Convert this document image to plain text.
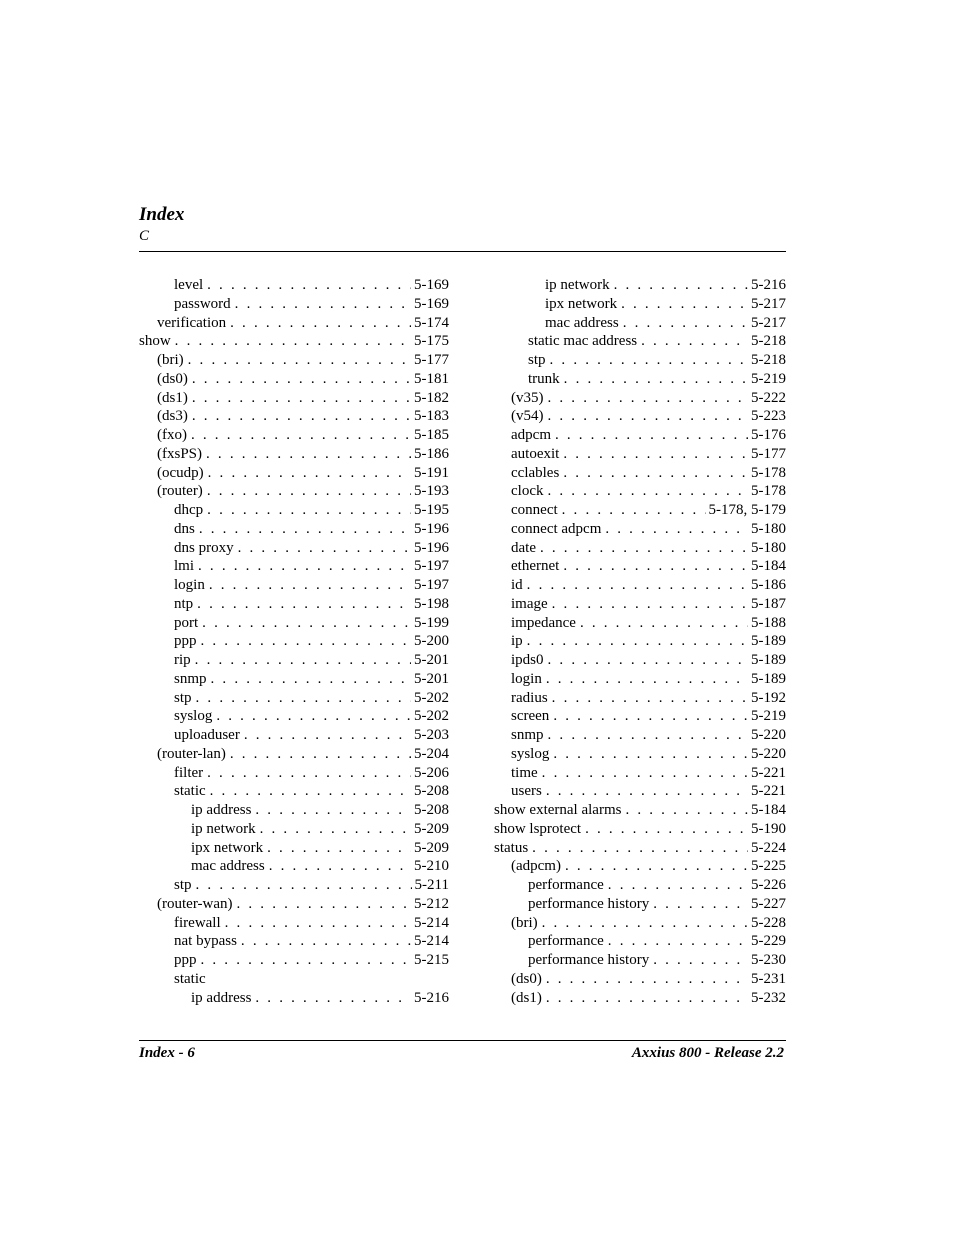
Index
C
level . . .	5-169
password . . .	5-169
verification . . .	5-174
show . . .	5-175
(bri) . . .	5-177
(ds0) . . .	5-181
(ds1) . . .	5-182
(ds3) . . .	5-183
(fxo) . . .	5-185
(fxsPS) . . .	5-186
(ocudp) . . .	5-191
(router) . . .	5-193
dhcp . . .	5-195
dns . . .	5-196
dns proxy . . .	5-196
lmi . . .	5-197
login . . .	5-197
ntp . . .	5-198
port . . .	5-199
ppp . . .	5-200
rip . . .	5-201
snmp . . .	5-201
stp . . .	5-202
syslog . . .	5-202
uploaduser . . .	5-203
(router-lan) . . .	5-204
filter . . .	5-206
static . . .	5-208
ip address . . .	5-208
ip network . . .	5-209
ipx network . . .	5-209
mac address . . .	5-210
stp . . .	5-211
(router-wan) . . .	5-212
firewall . . .	5-214
nat bypass . . .	5-214
ppp . . .	5-215
static
ip address . . .	5-216
ip network . . .	5-216
ipx network . . .	5-217
mac address . . .	5-217
static mac address . . .	5-218
stp . . .	5-218
trunk . . .	5-219
(v35) . . .	5-222
(v54) . . .	5-223
adpcm . . .	5-176
autoexit . . .	5-177
cclables . . .	5-178
clock . . .	5-178
connect . . .	5-178, 5-179
connect adpcm . . .	5-180
date . . .	5-180
ethernet . . .	5-184
id . . .	5-186
image . . .	5-187
impedance . . .	5-188
ip . . .	5-189
ipds0 . . .	5-189
login . . .	5-189
radius . . .	5-192
screen . . .	5-219
snmp . . .	5-220
syslog . . .	5-220
time . . .	5-221
users . . .	5-221
show external alarms . . .	5-184
show lsprotect . . .	5-190
status . . .	5-224
(adpcm) . . .	5-225
performance . . .	5-226
performance history . . .	5-227
(bri) . . .	5-228
performance . . .	5-229
performance history . . .	5-230
(ds0) . . .	5-231
(ds1) . . .	5-232
Index - 6	Axxius 800 - Release 2.2
